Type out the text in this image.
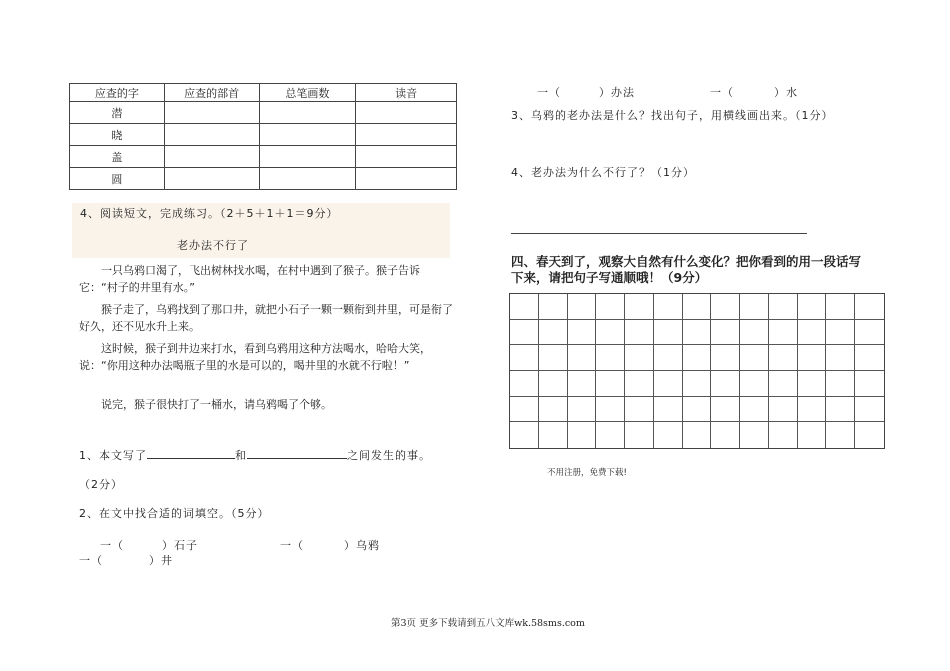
应查的字	应查的部首	总笔画数	读音
潜			
晓			
盖			
圆			
4、阅读短文，完成练习。（2＋5＋1＋1＝9分）
老办法不行了
一只乌鸦口渴了，飞出树林找水喝，在村中遇到了猴子。猴子告诉它：“村子的井里有水。”
猴子走了，乌鸦找到了那口井，就把小石子一颗一颗衔到井里，可是衔了好久，还不见水升上来。
这时候，猴子到井边来打水，看到乌鸦用这种方法喝水，哈哈大笑，说：“你用这种办法喝瓶子里的水是可以的，喝井里的水就不行啦！”
说完，猴子很快打了一桶水，请乌鸦喝了个够。
1、本文写了	和	之间发生的事。
（2分）
2、在文中找合适的词填空。（5分）
一（	）石子	一（	）乌鸦
一（	）井
一（	）办法	一（	）水
3、乌鸦的老办法是什么？找出句子，用横线画出来。（1分）
4、老办法为什么不行了？（1分）
四、春天到了，观察大自然有什么变化？把你看到的用一段话写
下来，请把句子写通顺哦！（9分）
不用注册，免费下载!
第3页 更多下载请到五八文库wk.58sms.com
